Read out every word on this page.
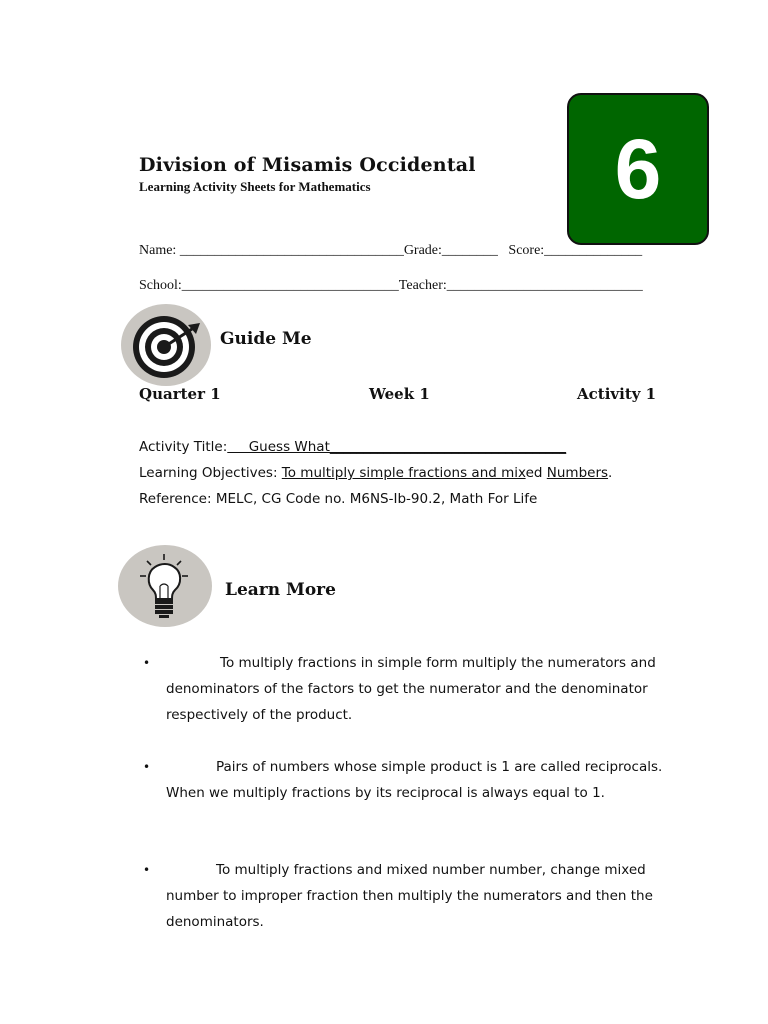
6
Division of Misamis Occidental
Learning Activity Sheets for Mathematics
Name: ________________________________Grade:________   Score:______________
School:_______________________________Teacher:____________________________
Guide Me
Quarter 1	Week 1	Activity 1
Activity Title:     Guess What___________________________________
Learning Objectives: To multiply simple fractions and mixed Numbers.
Reference: MELC, CG Code no. M6NS-Ib-90.2, Math For Life
Learn More
•	To multiply fractions in simple form multiply the numerators and denominators of the factors to get the numerator and the denominator respectively of the product.
•	Pairs of numbers whose simple product is 1 are called reciprocals. When we multiply fractions by its reciprocal is always equal to 1.
•	To multiply fractions and mixed number number, change mixed number to improper fraction then multiply the numerators and then the denominators.
